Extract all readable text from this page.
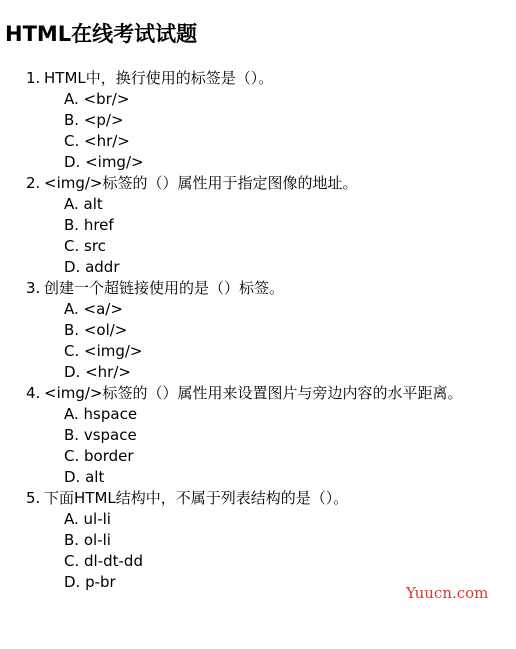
HTML在线考试试题
1. HTML中，换行使用的标签是（）。
A. <br/>
B. <p/>
C. <hr/>
D. <img/>
2. <img/>标签的（）属性用于指定图像的地址。
A. alt
B. href
C. src
D. addr
3. 创建一个超链接使用的是（）标签。
A. <a/>
B. <ol/>
C. <img/>
D. <hr/>
4. <img/>标签的（）属性用来设置图片与旁边内容的水平距离。
A. hspace
B. vspace
C. border
D. alt
5. 下面HTML结构中，不属于列表结构的是（）。
A. ul-li
B. ol-li
C. dl-dt-dd
D. p-br
Yuucn.com
